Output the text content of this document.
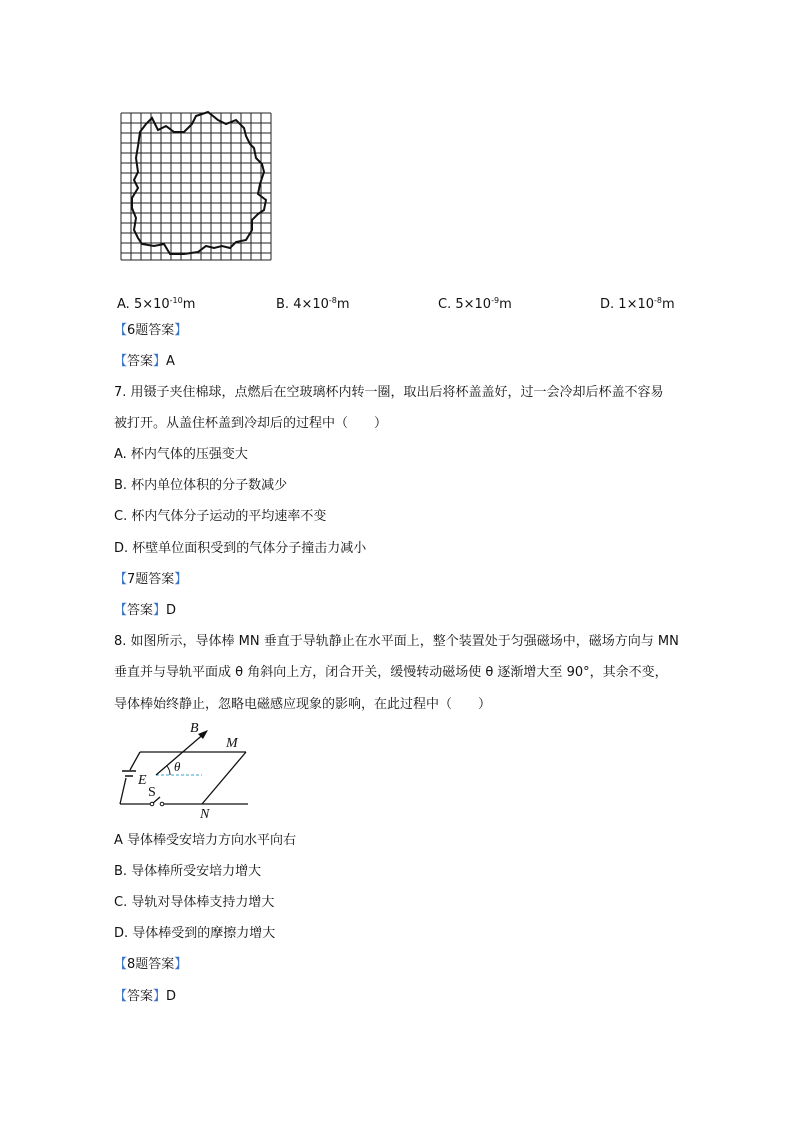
A. $5\times 10^{-10}m$	B. $4\times 10^{-8}m$	C. $5\times 10^{-9}m$	D. $1\times 10^{-8}m$
【6题答案】
【答案】A
7. 用镊子夹住棉球，点燃后在空玻璃杯内转一圈，取出后将杯盖盖好，过一会冷却后杯盖不容易
被打开。从盖住杯盖到冷却后的过程中（　　）
A. 杯内气体的压强变大
B. 杯内单位体积的分子数减少
C. 杯内气体分子运动的平均速率不变
D. 杯壁单位面积受到的气体分子撞击力减小
【7题答案】
【答案】D
8. 如图所示，导体棒 MN 垂直于导轨静止在水平面上，整个装置处于匀强磁场中，磁场方向与 MN
垂直并与导轨平面成 θ 角斜向上方，闭合开关，缓慢转动磁场使 θ 逐渐增大至 90°，其余不变，
导体棒始终静止，忽略电磁感应现象的影响，在此过程中（　　）
B
M
θ
E
S
N
A 导体棒受安培力方向水平向右
B. 导体棒所受安培力增大
C. 导轨对导体棒支持力增大
D. 导体棒受到的摩擦力增大
【8题答案】
【答案】D
